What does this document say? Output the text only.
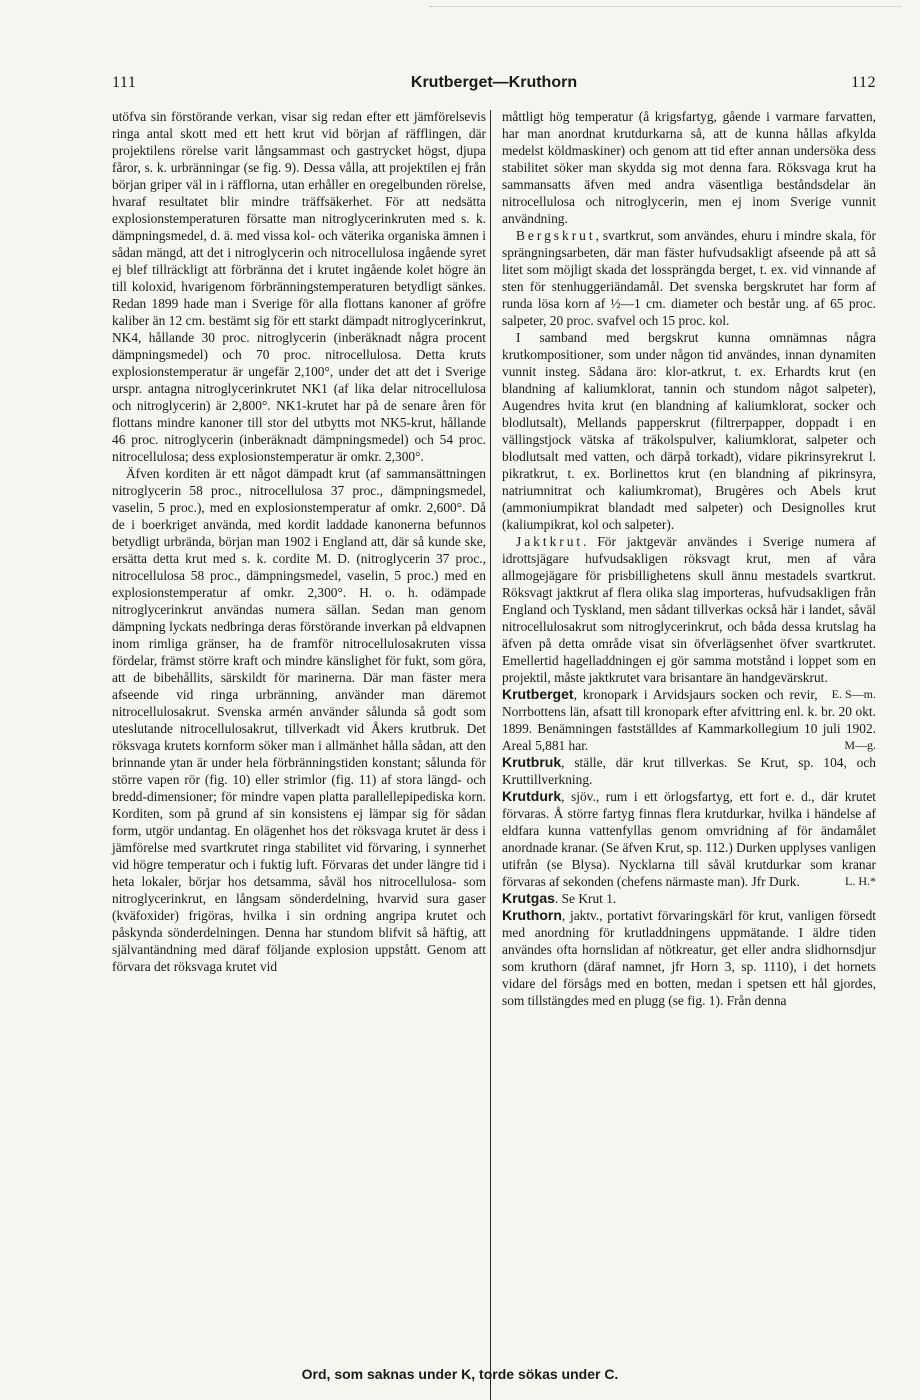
111	Krutberget—Kruthorn	112

utöfva sin förstörande verkan, visar sig redan efter ett jämförelsevis ringa antal skott med ett hett krut vid början af räfflingen, där projektilens rörelse varit långsammast och gastrycket högst, djupa fåror, s. k. urbränningar (se fig. 9). Dessa vålla, att projektilen ej från början griper väl in i räfflorna, utan erhåller en oregelbunden rörelse, hvaraf resultatet blir mindre träffsäkerhet. För att nedsätta explosionstemperaturen försatte man nitroglycerinkruten med s. k. dämpningsmedel, d. ä. med vissa kol- och väterika organiska ämnen i sådan mängd, att det i nitroglycerin och nitrocellulosa ingående syret ej blef tillräckligt att förbränna det i krutet ingående kolet högre än till koloxid, hvarigenom förbränningstemperaturen betydligt sänkes. Redan 1899 hade man i Sverige för alla flottans kanoner af gröfre kaliber än 12 cm. bestämt sig för ett starkt dämpadt nitroglycerinkrut, NK4, hållande 30 proc. nitroglycerin (inberäknadt några procent dämpningsmedel) och 70 proc. nitrocellulosa. Detta kruts explosionstemperatur är ungefär 2,100°, under det att det i Sverige urspr. antagna nitroglycerinkrutet NK1 (af lika delar nitrocellulosa och nitroglycerin) är 2,800°. NK1-krutet har på de senare åren för flottans mindre kanoner till stor del utbytts mot NK5-krut, hållande 46 proc. nitroglycerin (inberäknadt dämpningsmedel) och 54 proc. nitrocellulosa; dess explosionstemperatur är omkr. 2,300°.

Äfven korditen är ett något dämpadt krut (af sammansättningen nitroglycerin 58 proc., nitrocellulosa 37 proc., dämpningsmedel, vaselin, 5 proc.), med en explosionstemperatur af omkr. 2,600°. Då de i boerkriget använda, med kordit laddade kanonerna befunnos betydligt urbrända, början man 1902 i England att, där så kunde ske, ersätta detta krut med s. k. cordite M. D. (nitroglycerin 37 proc., nitrocellulosa 58 proc., dämpningsmedel, vaselin, 5 proc.) med en explosionstemperatur af omkr. 2,300°. H. o. h. odämpade nitroglycerinkrut användas numera sällan. Sedan man genom dämpning lyckats nedbringa deras förstörande inverkan på eldvapnen inom rimliga gränser, ha de framför nitrocellulosakruten vissa fördelar, främst större kraft och mindre känslighet för fukt, som göra, att de bibehållits, särskildt för marinerna. Där man fäster mera afseende vid ringa urbränning, använder man däremot nitrocellulosakrut. Svenska armén använder sålunda så godt som uteslutande nitrocellulosakrut, tillverkadt vid Åkers krutbruk. Det röksvaga krutets kornform söker man i allmänhet hålla sådan, att den brinnande ytan är under hela förbränningstiden konstant; sålunda för större vapen rör (fig. 10) eller strimlor (fig. 11) af stora längd- och bredd-dimensioner; för mindre vapen platta parallellepipediska korn. Korditen, som på grund af sin konsistens ej lämpar sig för sådan form, utgör undantag. En olägenhet hos det röksvaga krutet är dess i jämförelse med svartkrutet ringa stabilitet vid förvaring, i synnerhet vid högre temperatur och i fuktig luft. Förvaras det under längre tid i heta lokaler, börjar hos detsamma, såväl hos nitrocellulosa- som nitroglycerinkrut, en långsam sönderdelning, hvarvid sura gaser (kväfoxider) frigöras, hvilka i sin ordning angripa krutet och påskynda sönderdelningen. Denna har stundom blifvit så häftig, att självantändning med däraf följande explosion uppstått. Genom att förvara det röksvaga krutet vid

måttligt hög temperatur (å krigsfartyg, gående i varmare farvatten, har man anordnat krutdurkarna så, att de kunna hållas afkylda medelst köldmaskiner) och genom att tid efter annan undersöka dess stabilitet söker man skydda sig mot denna fara. Röksvaga krut ha sammansatts äfven med andra väsentliga beståndsdelar än nitrocellulosa och nitroglycerin, men ej inom Sverige vunnit användning.

Bergskrut, svartkrut, som användes, ehuru i mindre skala, för sprängningsarbeten, där man fäster hufvudsakligt afseende på att så litet som möjligt skada det lossprängda berget, t. ex. vid vinnande af sten för stenhuggeriändamål. Det svenska bergskrutet har form af runda lösa korn af ½—1 cm. diameter och består ung. af 65 proc. salpeter, 20 proc. svafvel och 15 proc. kol.

I samband med bergskrut kunna omnämnas några krutkompositioner, som under någon tid användes, innan dynamiten vunnit insteg. Sådana äro: klor-atkrut, t. ex. Erhardts krut (en blandning af kaliumklorat, tannin och stundom något salpeter), Augendres hvita krut (en blandning af kaliumklorat, socker och blodlutsalt), Mellands papperskrut (filtrerpapper, doppadt i en vällingstjock vätska af träkolspulver, kaliumklorat, salpeter och blodlutsalt med vatten, och därpå torkadt), vidare pikrinsyrekrut l. pikratkrut, t. ex. Borlinettos krut (en blandning af pikrinsyra, natriumnitrat och kaliumkromat), Brugères och Abels krut (ammoniumpikrat blandadt med salpeter) och Designolles krut (kaliumpikrat, kol och salpeter).

Jaktkrut. För jaktgevär användes i Sverige numera af idrottsjägare hufvudsakligen röksvagt krut, men af våra allmogejägare för prisbillighetens skull ännu mestadels svartkrut. Röksvagt jaktkrut af flera olika slag importeras, hufvudsakligen från England och Tyskland, men sådant tillverkas också här i landet, såväl nitrocellulosakrut som nitroglycerinkrut, och båda dessa krutslag ha äfven på detta område visat sin öfverlägsenhet öfver svartkrutet. Emellertid hagelladdningen ej gör samma motstånd i loppet som en projektil, måste jaktkrutet vara brisantare än handgevärskrut.
E. S—m.

Krutberget, kronopark i Arvidsjaurs socken och revir, Norrbottens län, afsatt till kronopark efter afvittring enl. k. br. 20 okt. 1899. Benämningen fastställdes af Kammarkollegium 10 juli 1902. Areal 5,881 har.	M—g.

Krutbruk, ställe, där krut tillverkas. Se Krut, sp. 104, och Kruttillverkning.

Krutdurk, sjöv., rum i ett örlogsfartyg, ett fort e. d., där krutet förvaras. Å större fartyg finnas flera krutdurkar, hvilka i händelse af eldfara kunna vattenfyllas genom omvridning af för ändamålet anordnade kranar. (Se äfven Krut, sp. 112.) Durken upplyses vanligen utifrån (se Blysa). Nycklarna till såväl krutdurkar som kranar förvaras af sekonden (chefens närmaste man). Jfr Durk.	L. H.*

Krutgas. Se Krut 1.

Kruthorn, jaktv., portativt förvaringskärl för krut, vanligen försedt med anordning för krutladdningens uppmätande. I äldre tiden användes ofta hornslidan af nötkreatur, get eller andra slidhornsdjur som kruthorn (däraf namnet, jfr Horn 3, sp. 1110), i det hornets vidare del försågs med en botten, medan i spetsen ett hål gjordes, som tillstängdes med en plugg (se fig. 1). Från denna

Ord, som saknas under K, torde sökas under C.
